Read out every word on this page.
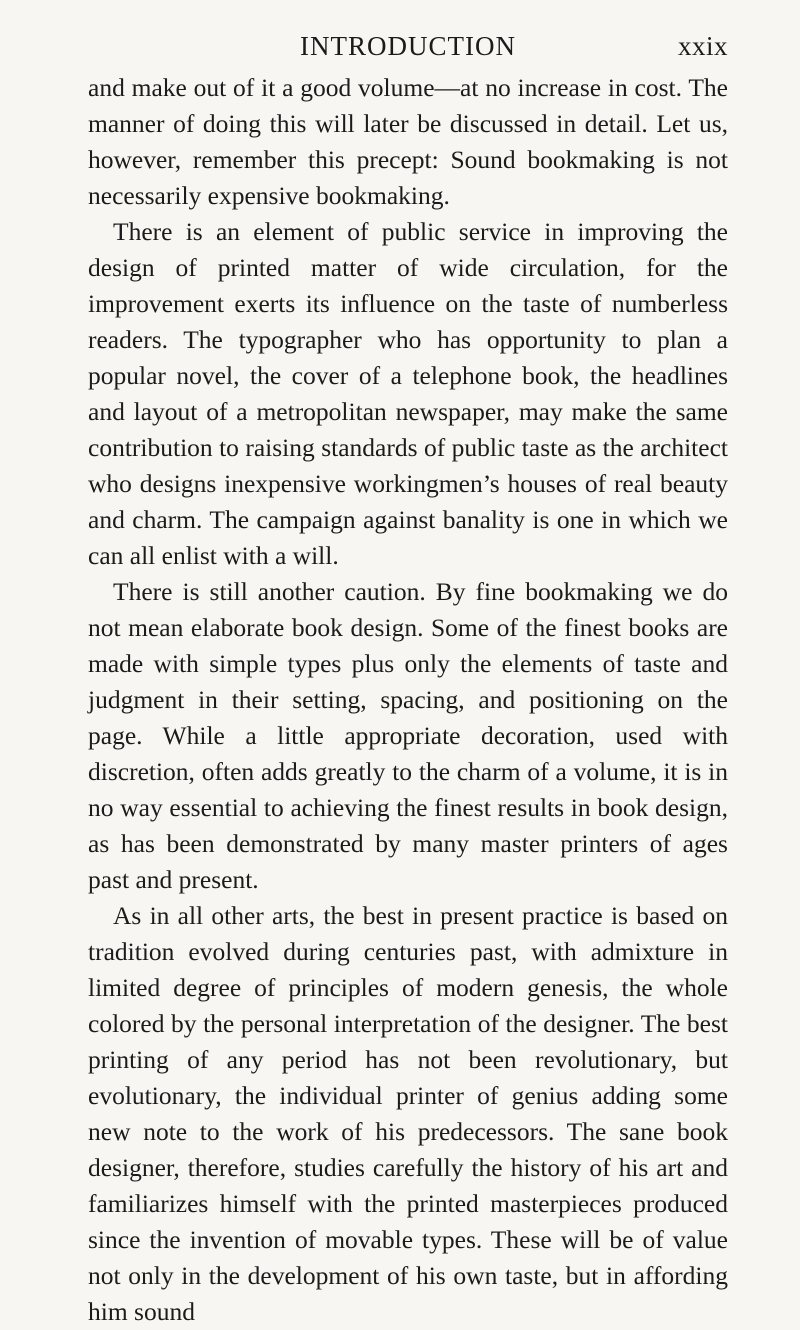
INTRODUCTION	xxix

and make out of it a good volume—at no increase in cost. The manner of doing this will later be discussed in detail. Let us, however, remember this precept: Sound bookmaking is not necessarily expensive bookmaking.

There is an element of public service in improving the design of printed matter of wide circulation, for the improvement exerts its influence on the taste of numberless readers. The typographer who has opportunity to plan a popular novel, the cover of a telephone book, the headlines and layout of a metropolitan newspaper, may make the same contribution to raising standards of public taste as the architect who designs inexpensive workingmen’s houses of real beauty and charm. The campaign against banality is one in which we can all enlist with a will.

There is still another caution. By fine bookmaking we do not mean elaborate book design. Some of the finest books are made with simple types plus only the elements of taste and judgment in their setting, spacing, and positioning on the page. While a little appropriate decoration, used with discretion, often adds greatly to the charm of a volume, it is in no way essential to achieving the finest results in book design, as has been demonstrated by many master printers of ages past and present.

As in all other arts, the best in present practice is based on tradition evolved during centuries past, with admixture in limited degree of principles of modern genesis, the whole colored by the personal interpretation of the designer. The best printing of any period has not been revolutionary, but evolutionary, the individual printer of genius adding some new note to the work of his predecessors. The sane book designer, therefore, studies carefully the history of his art and familiarizes himself with the printed masterpieces produced since the invention of movable types. These will be of value not only in the development of his own taste, but in affording him sound
